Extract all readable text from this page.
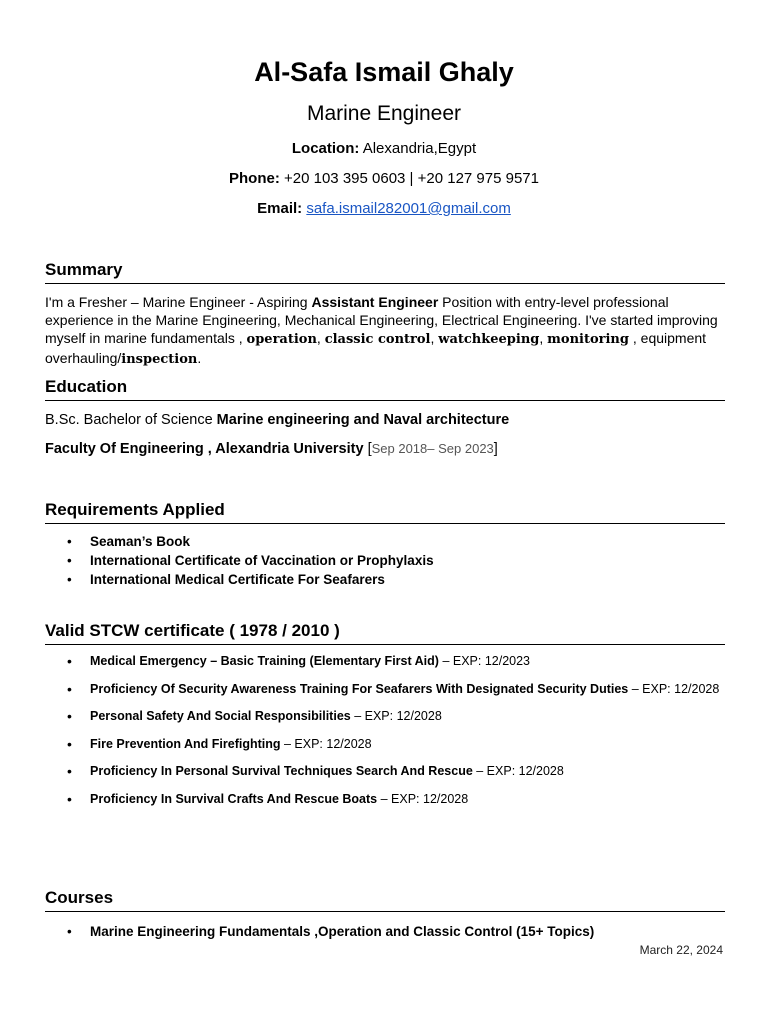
Al-Safa Ismail Ghaly
Marine Engineer
Location: Alexandria,Egypt
Phone: +20 103 395 0603 | +20 127 975 9571
Email: safa.ismail282001@gmail.com
Summary
I'm a Fresher – Marine Engineer - Aspiring Assistant Engineer Position with entry-level professional experience in the Marine Engineering, Mechanical Engineering, Electrical Engineering. I've started improving myself in marine fundamentals , operation, classic control, watchkeeping, monitoring , equipment overhauling/inspection.
Education
B.Sc. Bachelor of Science Marine engineering and Naval architecture
Faculty Of Engineering , Alexandria University [Sep 2018– Sep 2023]
Requirements Applied
• Seaman’s Book
• International Certificate of Vaccination or Prophylaxis
• International Medical Certificate For Seafarers
Valid STCW certificate ( 1978 / 2010 )
• Medical Emergency – Basic Training (Elementary First Aid) – EXP: 12/2023
• Proficiency Of Security Awareness Training For Seafarers With Designated Security Duties – EXP: 12/2028
• Personal Safety And Social Responsibilities – EXP: 12/2028
• Fire Prevention And Firefighting – EXP: 12/2028
• Proficiency In Personal Survival Techniques Search And Rescue – EXP: 12/2028
• Proficiency In Survival Crafts And Rescue Boats – EXP: 12/2028
Courses
• Marine Engineering Fundamentals ,Operation and Classic Control (15+ Topics)
March 22, 2024
